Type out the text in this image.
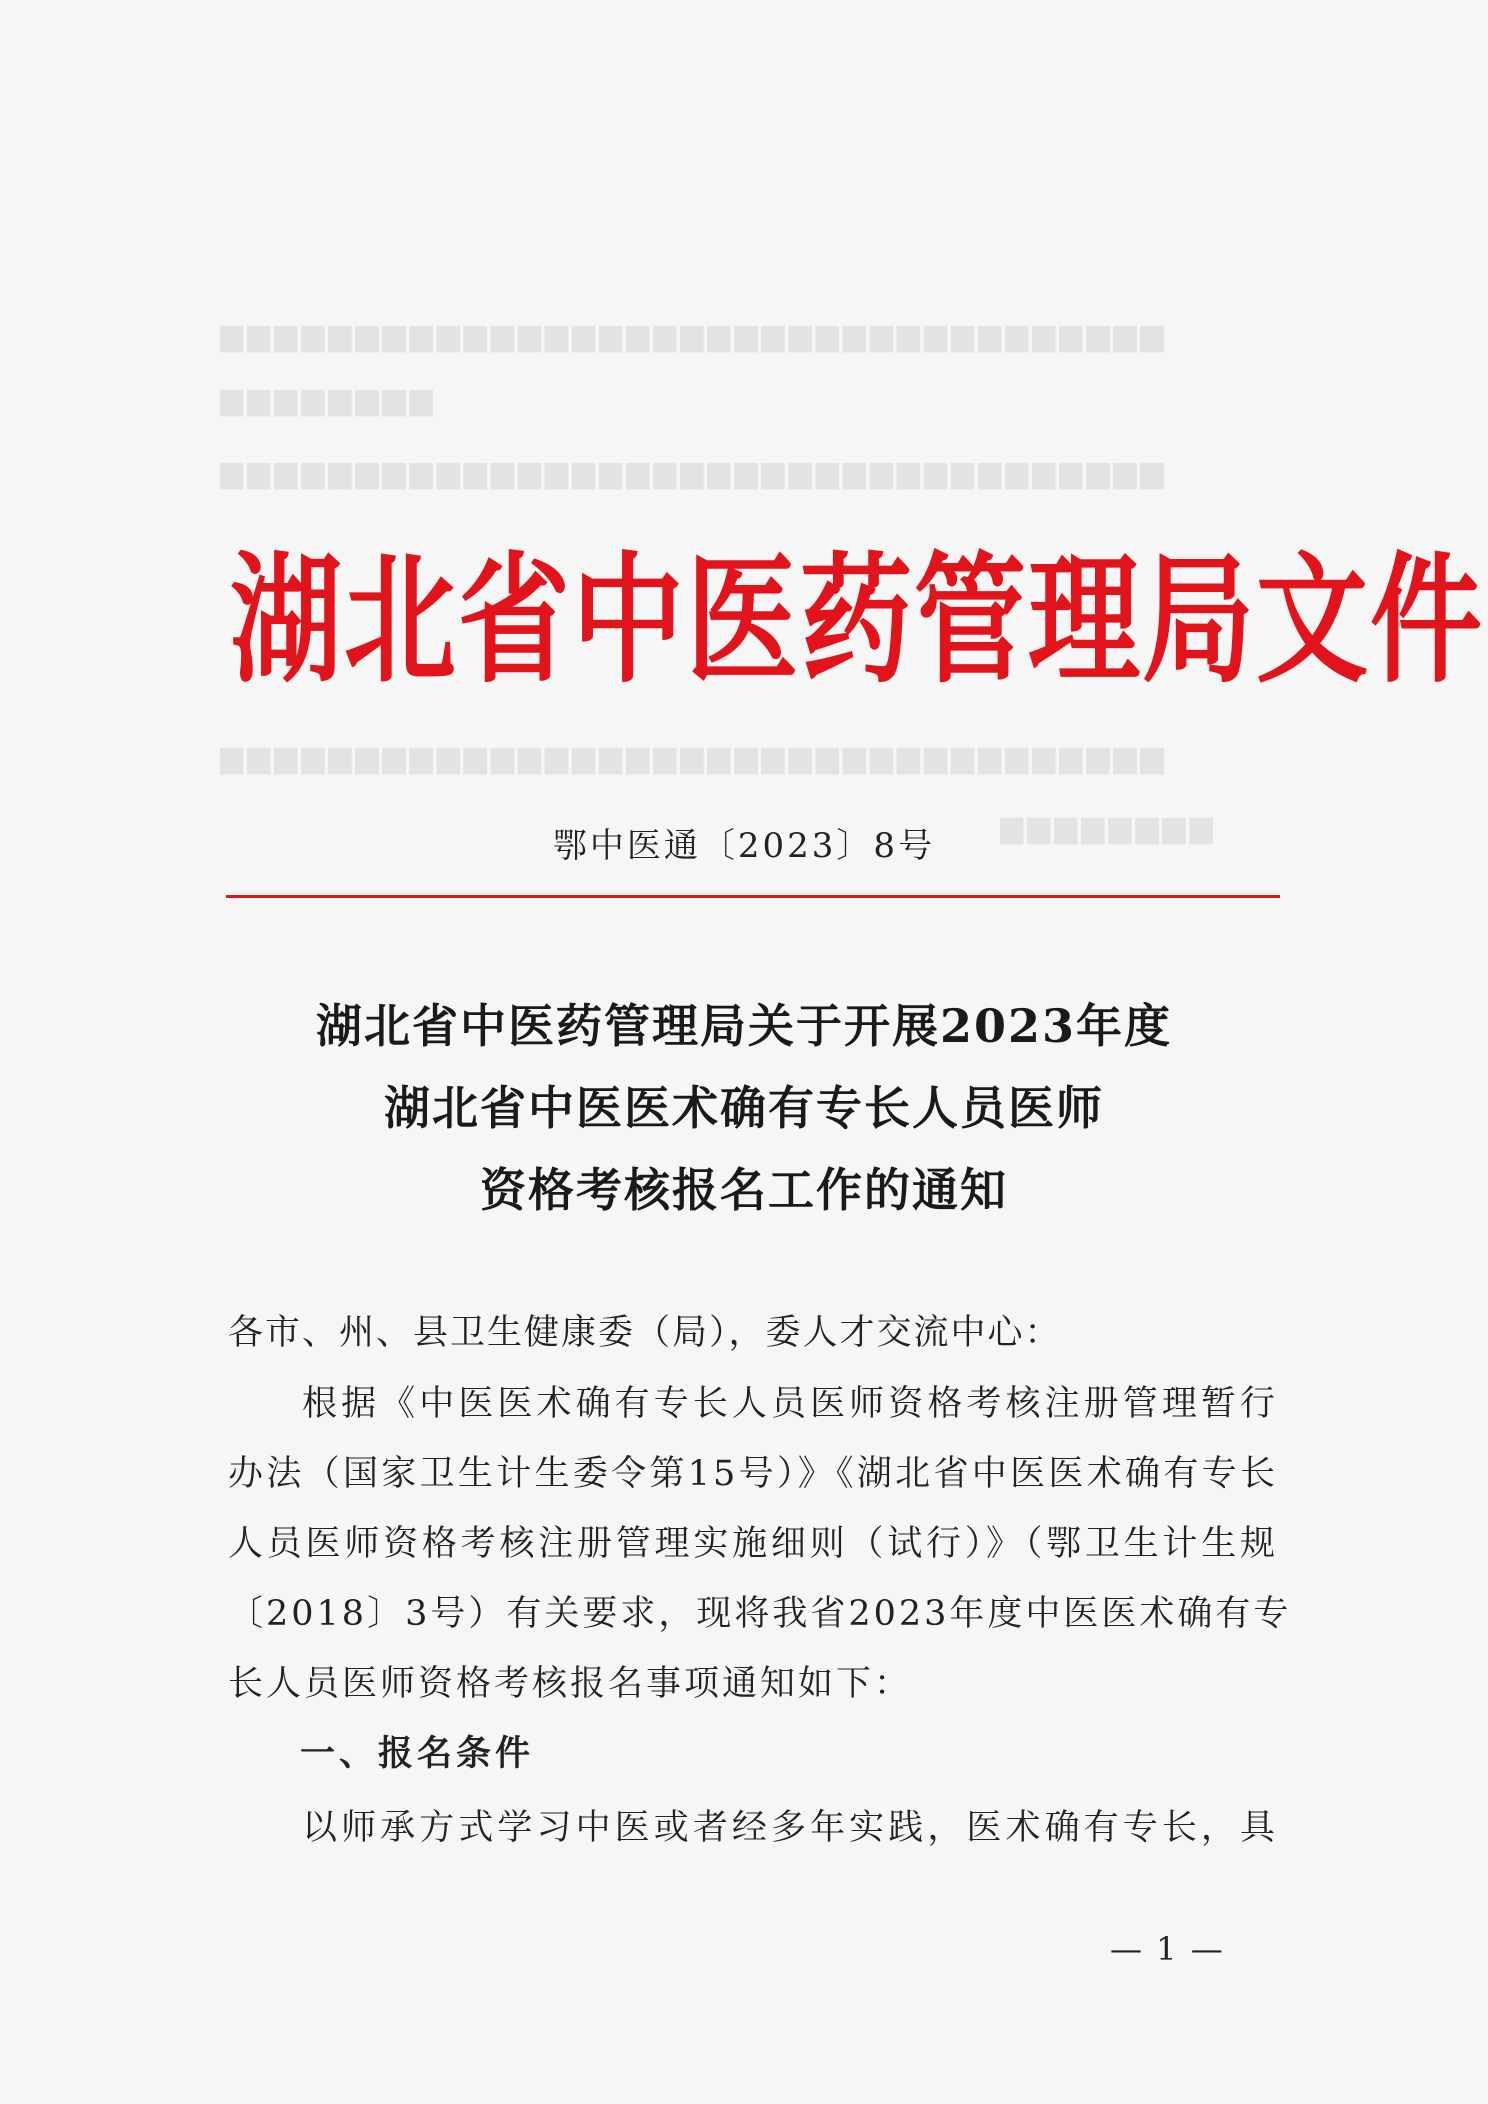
▆▆▆▆▆▆▆▆▆▆▆▆▆▆▆▆▆▆▆▆▆▆▆▆▆▆▆▆▆▆▆▆▆▆▆
▆▆▆▆▆▆▆▆
▆▆▆▆▆▆▆▆▆▆▆▆▆▆▆▆▆▆▆▆▆▆▆▆▆▆▆▆▆▆▆▆▆▆▆
▆▆▆▆▆▆▆▆▆▆▆▆▆▆▆▆▆▆▆▆▆▆▆▆▆▆▆▆▆▆▆▆▆▆▆
▆▆▆▆▆▆▆▆
湖北省中医药管理局文件
鄂中医通〔2023〕8号
湖北省中医药管理局关于开展2023年度
湖北省中医医术确有专长人员医师
资格考核报名工作的通知
各市、州、县卫生健康委（局），委人才交流中心：
根据《中医医术确有专长人员医师资格考核注册管理暂行
办法（国家卫生计生委令第15号）》《湖北省中医医术确有专长
人员医师资格考核注册管理实施细则（试行）》（鄂卫生计生规
〔2018〕3号）有关要求，现将我省2023年度中医医术确有专
长人员医师资格考核报名事项通知如下：
一、报名条件
以师承方式学习中医或者经多年实践，医术确有专长，具
— 1 —
